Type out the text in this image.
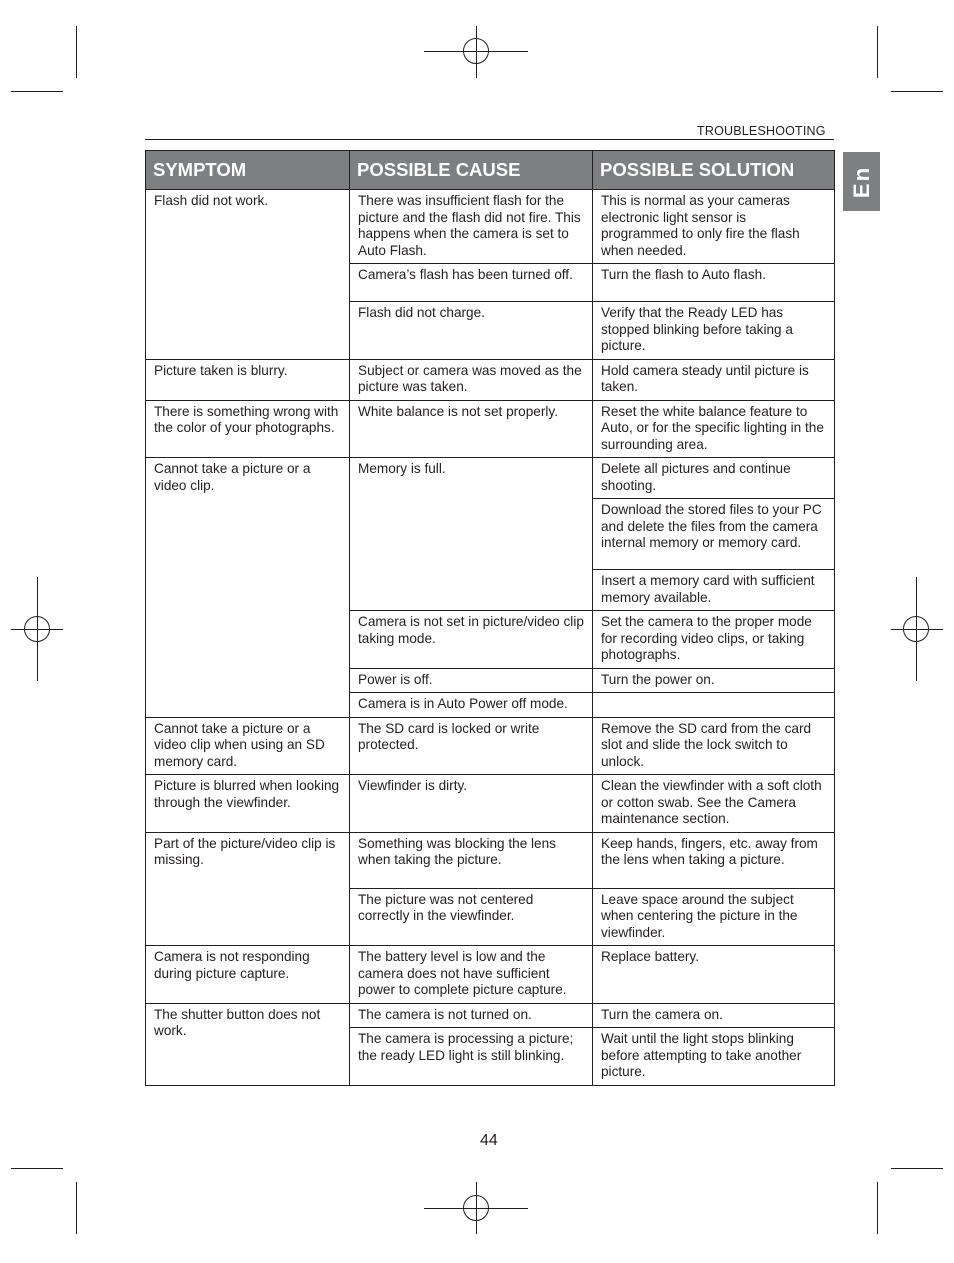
TROUBLESHOOTING
En
SYMPTOM	POSSIBLE CAUSE	POSSIBLE SOLUTION
Flash did not work.	There was insufficient flash for the picture and the flash did not fire. This happens when the camera is set to Auto Flash.	This is normal as your cameras electronic light sensor is programmed to only fire the flash when needed.
	Camera’s flash has been turned off.	Turn the flash to Auto flash.
	Flash did not charge.	Verify that the Ready LED has stopped blinking before taking a picture.
Picture taken is blurry.	Subject or camera was moved as the picture was taken.	Hold camera steady until picture is taken.
There is something wrong with the color of your photographs.	White balance is not set properly.	Reset the white balance feature to Auto, or for the specific lighting in the surrounding area.
Cannot take a picture or a video clip.	Memory is full.	Delete all pictures and continue shooting.
		Download the stored files to your PC and delete the files from the camera internal memory or memory card.
		Insert a memory card with sufficient memory available.
	Camera is not set in picture/video clip taking mode.	Set the camera to the proper mode for recording video clips, or taking photographs.
	Power is off.	Turn the power on.
	Camera is in Auto Power off mode.	
Cannot take a picture or a video clip when using an SD memory card.	The SD card is locked or write protected.	Remove the SD card from the card slot and slide the lock switch to unlock.
Picture is blurred when looking through the viewfinder.	Viewfinder is dirty.	Clean the viewfinder with a soft cloth or cotton swab. See the Camera maintenance section.
Part of the picture/video clip is missing.	Something was blocking the lens when taking the picture.	Keep hands, fingers, etc. away from the lens when taking a picture.
	The picture was not centered correctly in the viewfinder.	Leave space around the subject when centering the picture in the viewfinder.
Camera is not responding during picture capture.	The battery level is low and the camera does not have sufficient power to complete picture capture.	Replace battery.
The shutter button does not work.	The camera is not turned on.	Turn the camera on.
	The camera is processing a picture; the ready LED light is still blinking.	Wait until the light stops blinking before attempting to take another picture.
44
